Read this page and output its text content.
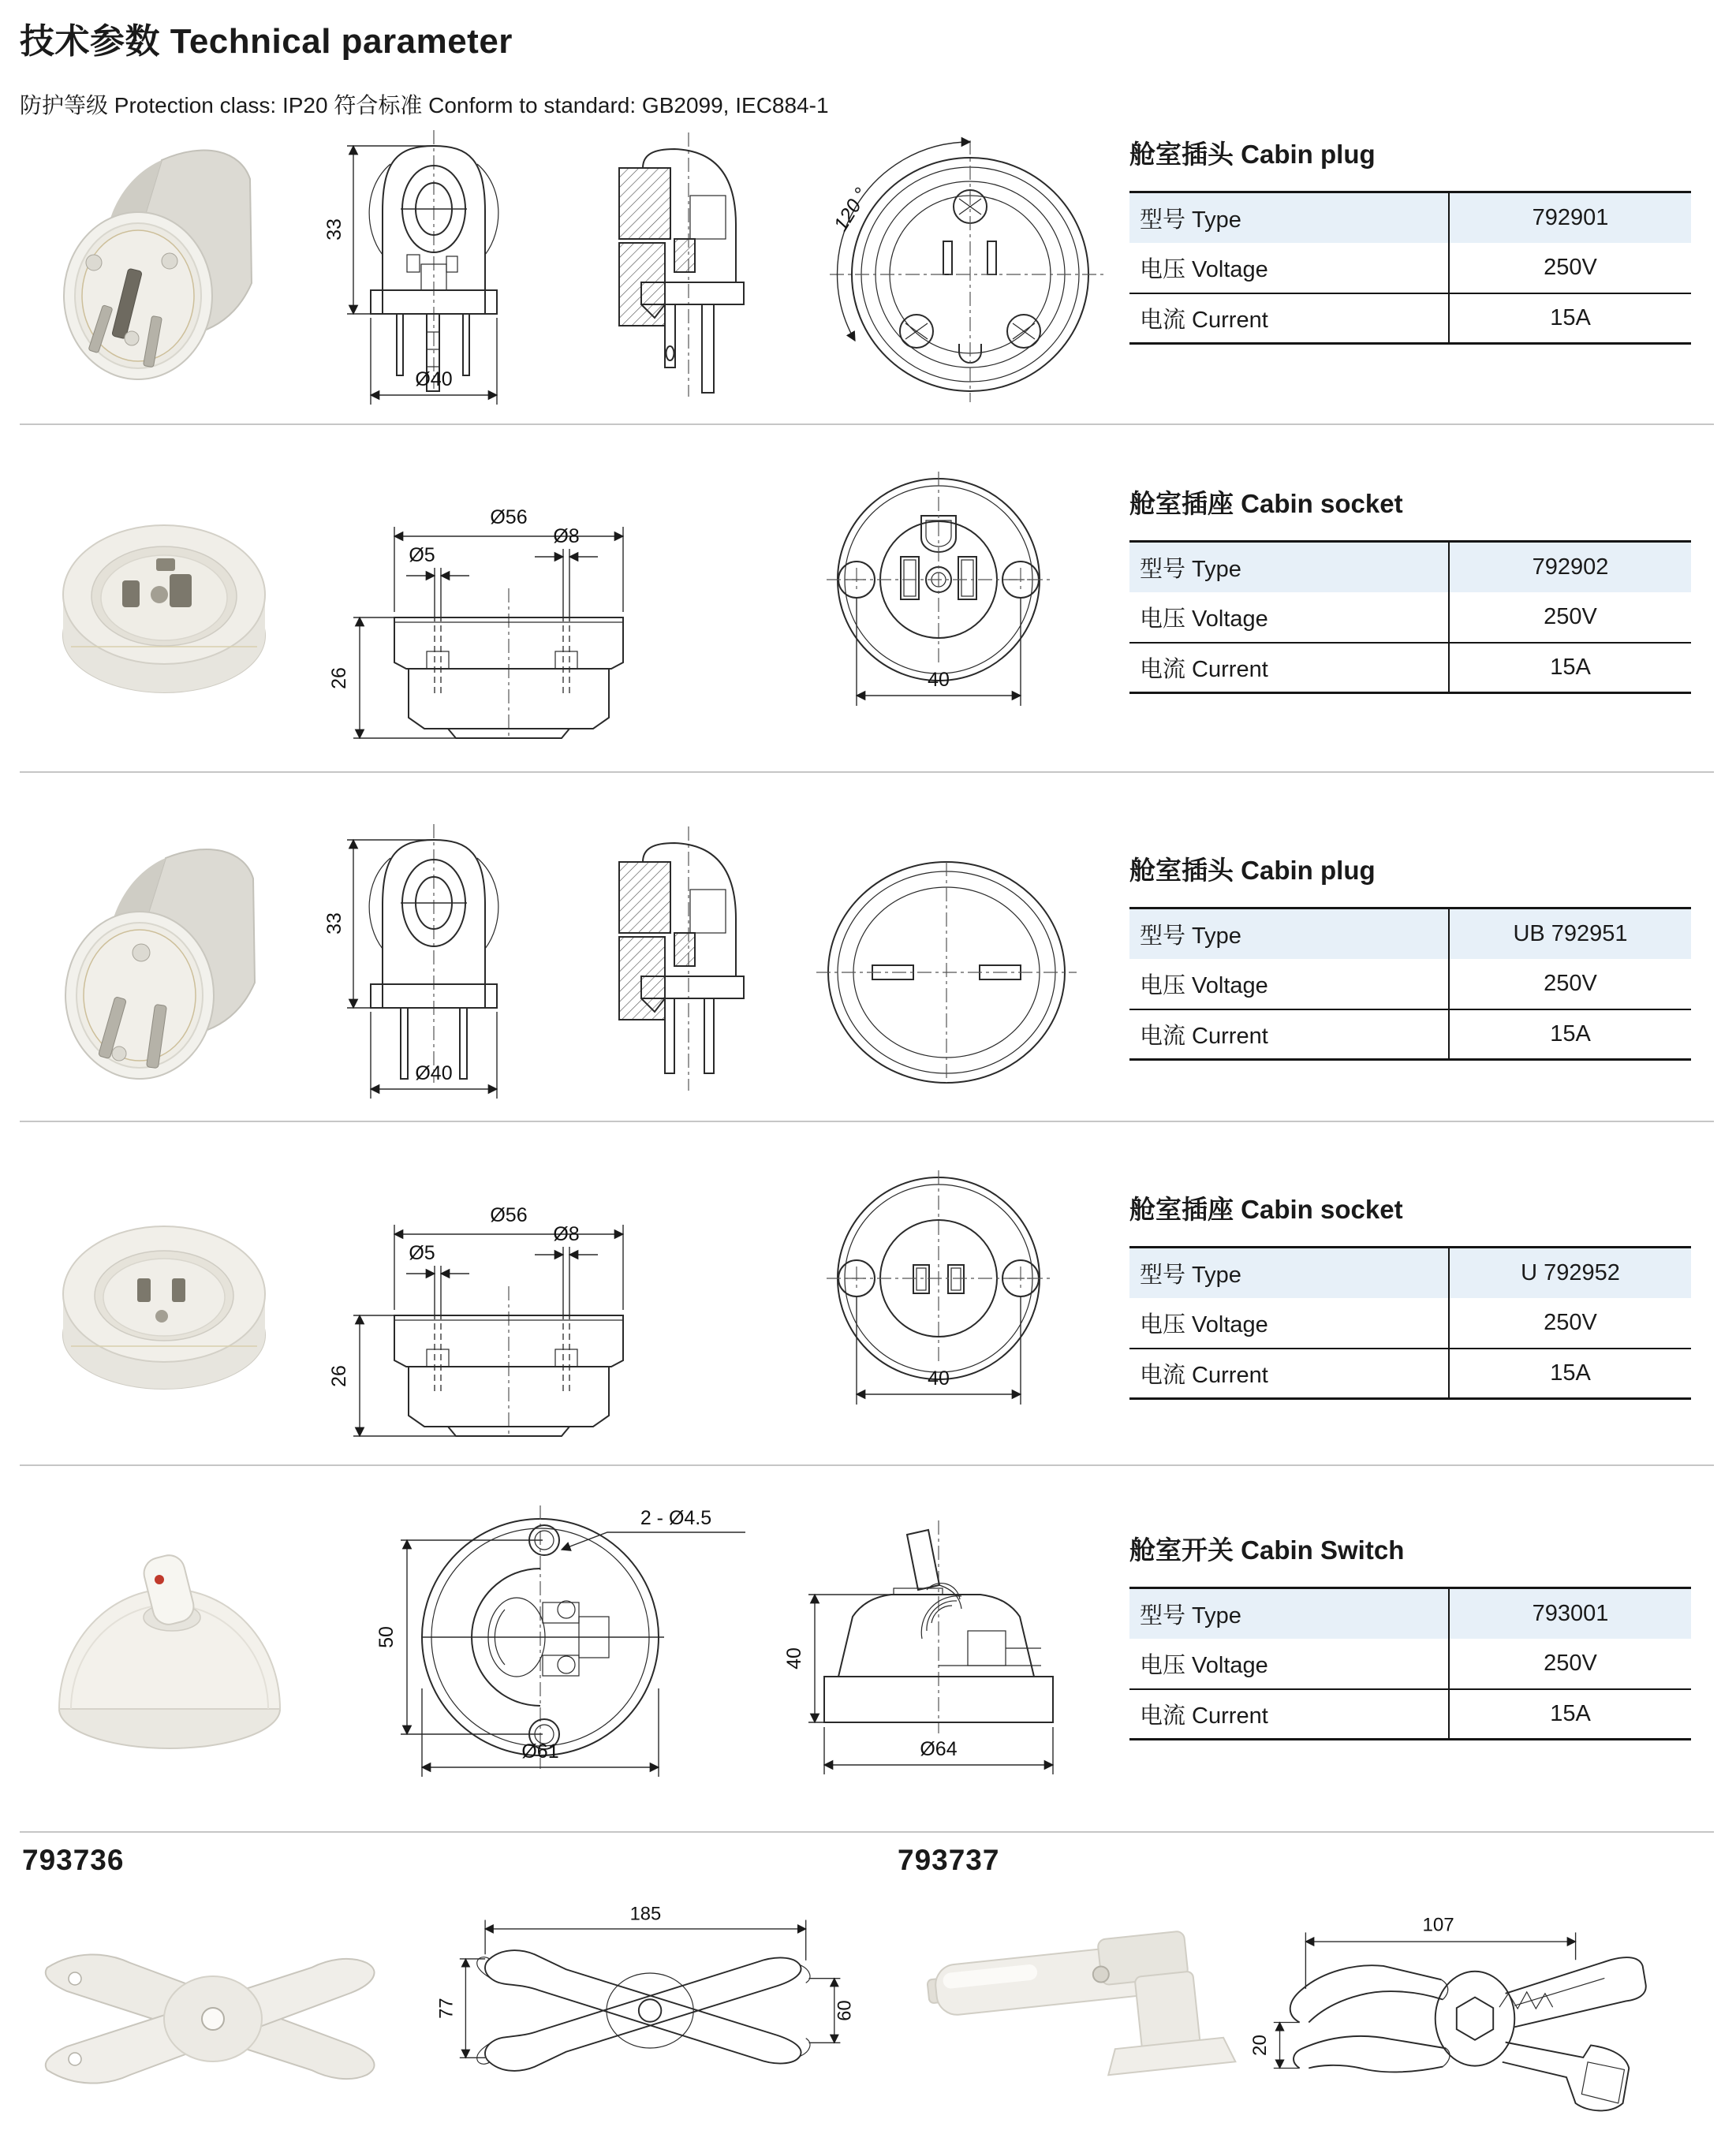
技术参数 Technical parameter
防护等级 Protection class: IP20 符合标准 Conform to standard: GB2099, IEC884-1
33
Ø40
120 °
舱室插头 Cabin plug
型号 Type	792901
电压 Voltage	250V
电流 Current	15A
Ø56
Ø5
Ø8
26	40
舱室插座 Cabin socket
型号 Type	792902
电压 Voltage	250V
电流 Current	15A
33
Ø40
舱室插头 Cabin plug
型号 Type	UB 792951
电压 Voltage	250V
电流 Current	15A
Ø56
Ø5
Ø8
26	40
舱室插座 Cabin socket
型号 Type	U 792952
电压 Voltage	250V
电流 Current	15A
2 - Ø4.5
50
Ø61
40
Ø64
舱室开关 Cabin Switch
型号 Type	793001
电压 Voltage	250V
电流 Current	15A
793736	793737
185
77	60
107
20
